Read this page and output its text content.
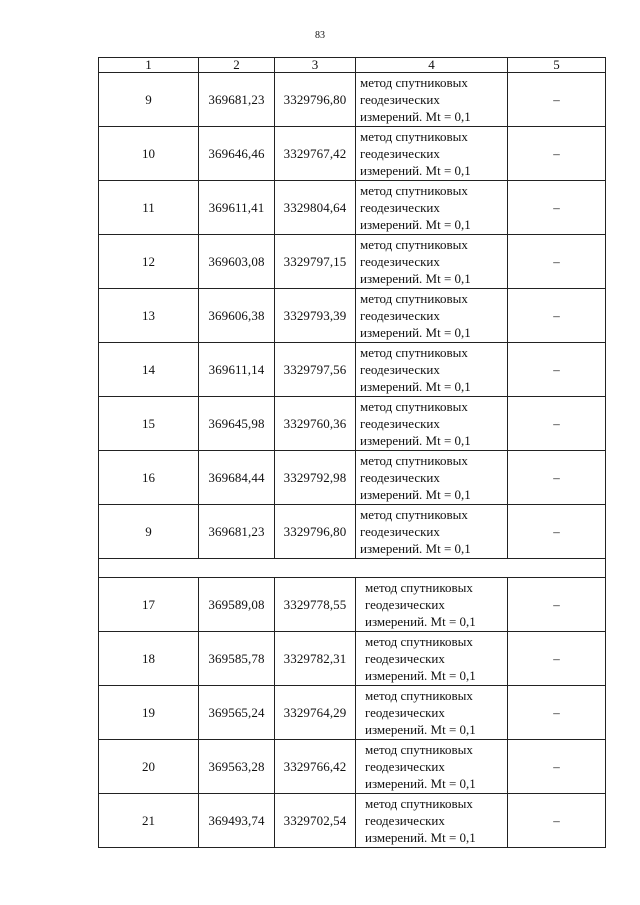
83
1	2	3	4	5
9	369681,23	3329796,80	метод спутниковых
геодезических
измерений. Mt = 0,1	–
10	369646,46	3329767,42	метод спутниковых
геодезических
измерений. Mt = 0,1	–
11	369611,41	3329804,64	метод спутниковых
геодезических
измерений. Mt = 0,1	–
12	369603,08	3329797,15	метод спутниковых
геодезических
измерений. Mt = 0,1	–
13	369606,38	3329793,39	метод спутниковых
геодезических
измерений. Mt = 0,1	–
14	369611,14	3329797,56	метод спутниковых
геодезических
измерений. Mt = 0,1	–
15	369645,98	3329760,36	метод спутниковых
геодезических
измерений. Mt = 0,1	–
16	369684,44	3329792,98	метод спутниковых
геодезических
измерений. Mt = 0,1	–
9	369681,23	3329796,80	метод спутниковых
геодезических
измерений. Mt = 0,1	–

17	369589,08	3329778,55	метод спутниковых
геодезических
измерений. Mt = 0,1	–
18	369585,78	3329782,31	метод спутниковых
геодезических
измерений. Mt = 0,1	–
19	369565,24	3329764,29	метод спутниковых
геодезических
измерений. Mt = 0,1	–
20	369563,28	3329766,42	метод спутниковых
геодезических
измерений. Mt = 0,1	–
21	369493,74	3329702,54	метод спутниковых
геодезических
измерений. Mt = 0,1	–
